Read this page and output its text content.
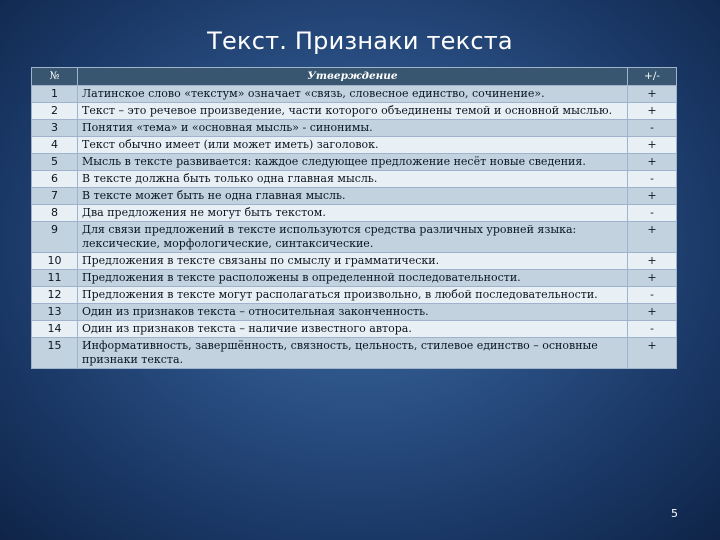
Текст. Признаки текста
№	Утверждение	+/-
1	Латинское слово «текстум» означает «связь, словесное единство, сочинение».	+
2	Текст – это речевое произведение, части которого объединены темой и основной мыслью.	+
3	Понятия «тема» и «основная мысль» - синонимы.	-
4	Текст обычно имеет (или может иметь) заголовок.	+
5	Мысль в тексте развивается: каждое следующее предложение несёт новые сведения.	+
6	В тексте должна быть только одна главная мысль.	-
7	В тексте может быть не одна главная мысль.	+
8	Два предложения не могут быть текстом.	-
9	Для связи предложений в тексте используются средства различных уровней языка: лексические, морфологические, синтаксические.	+
10	Предложения в тексте связаны по смыслу и грамматически.	+
11	Предложения в тексте расположены в определенной последовательности.	+
12	Предложения в тексте могут располагаться произвольно, в любой последовательности.	-
13	Один из признаков текста – относительная законченность.	+
14	Один из признаков текста – наличие известного автора.	-
15	Информативность, завершённость, связность, цельность, стилевое единство – основные признаки текста.	+
5
